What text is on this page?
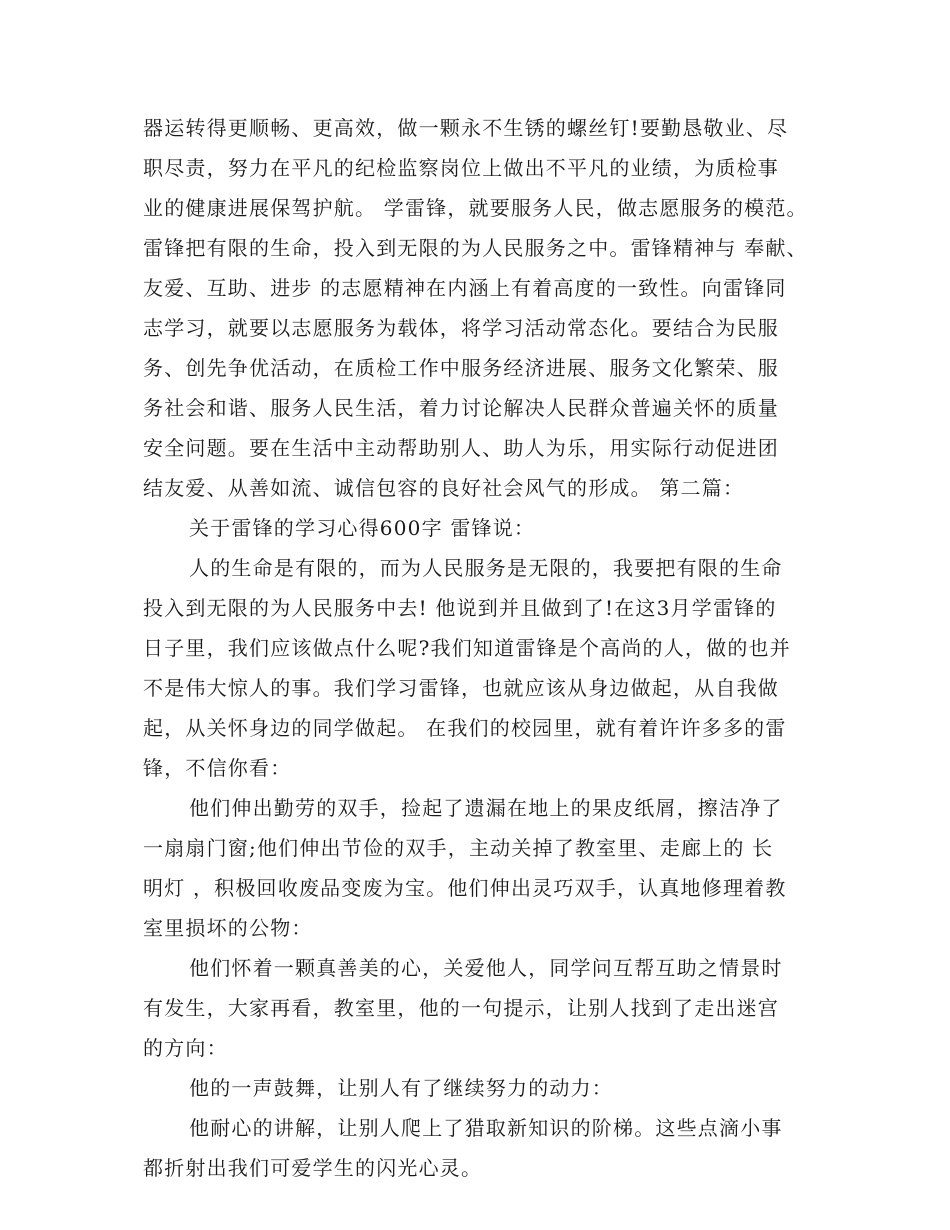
器运转得更顺畅、更高效，做一颗永不生锈的螺丝钉!要勤恳敬业、尽
职尽责，努力在平凡的纪检监察岗位上做出不平凡的业绩，为质检事
业的健康进展保驾护航。 学雷锋，就要服务人民，做志愿服务的模范。
雷锋把有限的生命，投入到无限的为人民服务之中。雷锋精神与 奉献、
友爱、互助、进步 的志愿精神在内涵上有着高度的一致性。向雷锋同
志学习，就要以志愿服务为载体，将学习活动常态化。要结合为民服
务、创先争优活动，在质检工作中服务经济进展、服务文化繁荣、服
务社会和谐、服务人民生活，着力讨论解决人民群众普遍关怀的质量
安全问题。要在生活中主动帮助别人、助人为乐，用实际行动促进团
结友爱、从善如流、诚信包容的良好社会风气的形成。 第二篇：
关于雷锋的学习心得600字 雷锋说：
人的生命是有限的，而为人民服务是无限的，我要把有限的生命
投入到无限的为人民服务中去! 他说到并且做到了!在这3月学雷锋的
日子里，我们应该做点什么呢?我们知道雷锋是个高尚的人，做的也并
不是伟大惊人的事。我们学习雷锋，也就应该从身边做起，从自我做
起，从关怀身边的同学做起。 在我们的校园里，就有着许许多多的雷
锋，不信你看：
他们伸出勤劳的双手，捡起了遗漏在地上的果皮纸屑，擦洁净了
一扇扇门窗;他们伸出节俭的双手，主动关掉了教室里、走廊上的 长
明灯 ，积极回收废品变废为宝。他们伸出灵巧双手，认真地修理着教
室里损坏的公物：
他们怀着一颗真善美的心，关爱他人，同学问互帮互助之情景时
有发生，大家再看，教室里，他的一句提示，让别人找到了走出迷宫
的方向：
他的一声鼓舞，让别人有了继续努力的动力：
他耐心的讲解，让别人爬上了猎取新知识的阶梯。这些点滴小事
都折射出我们可爱学生的闪光心灵。
